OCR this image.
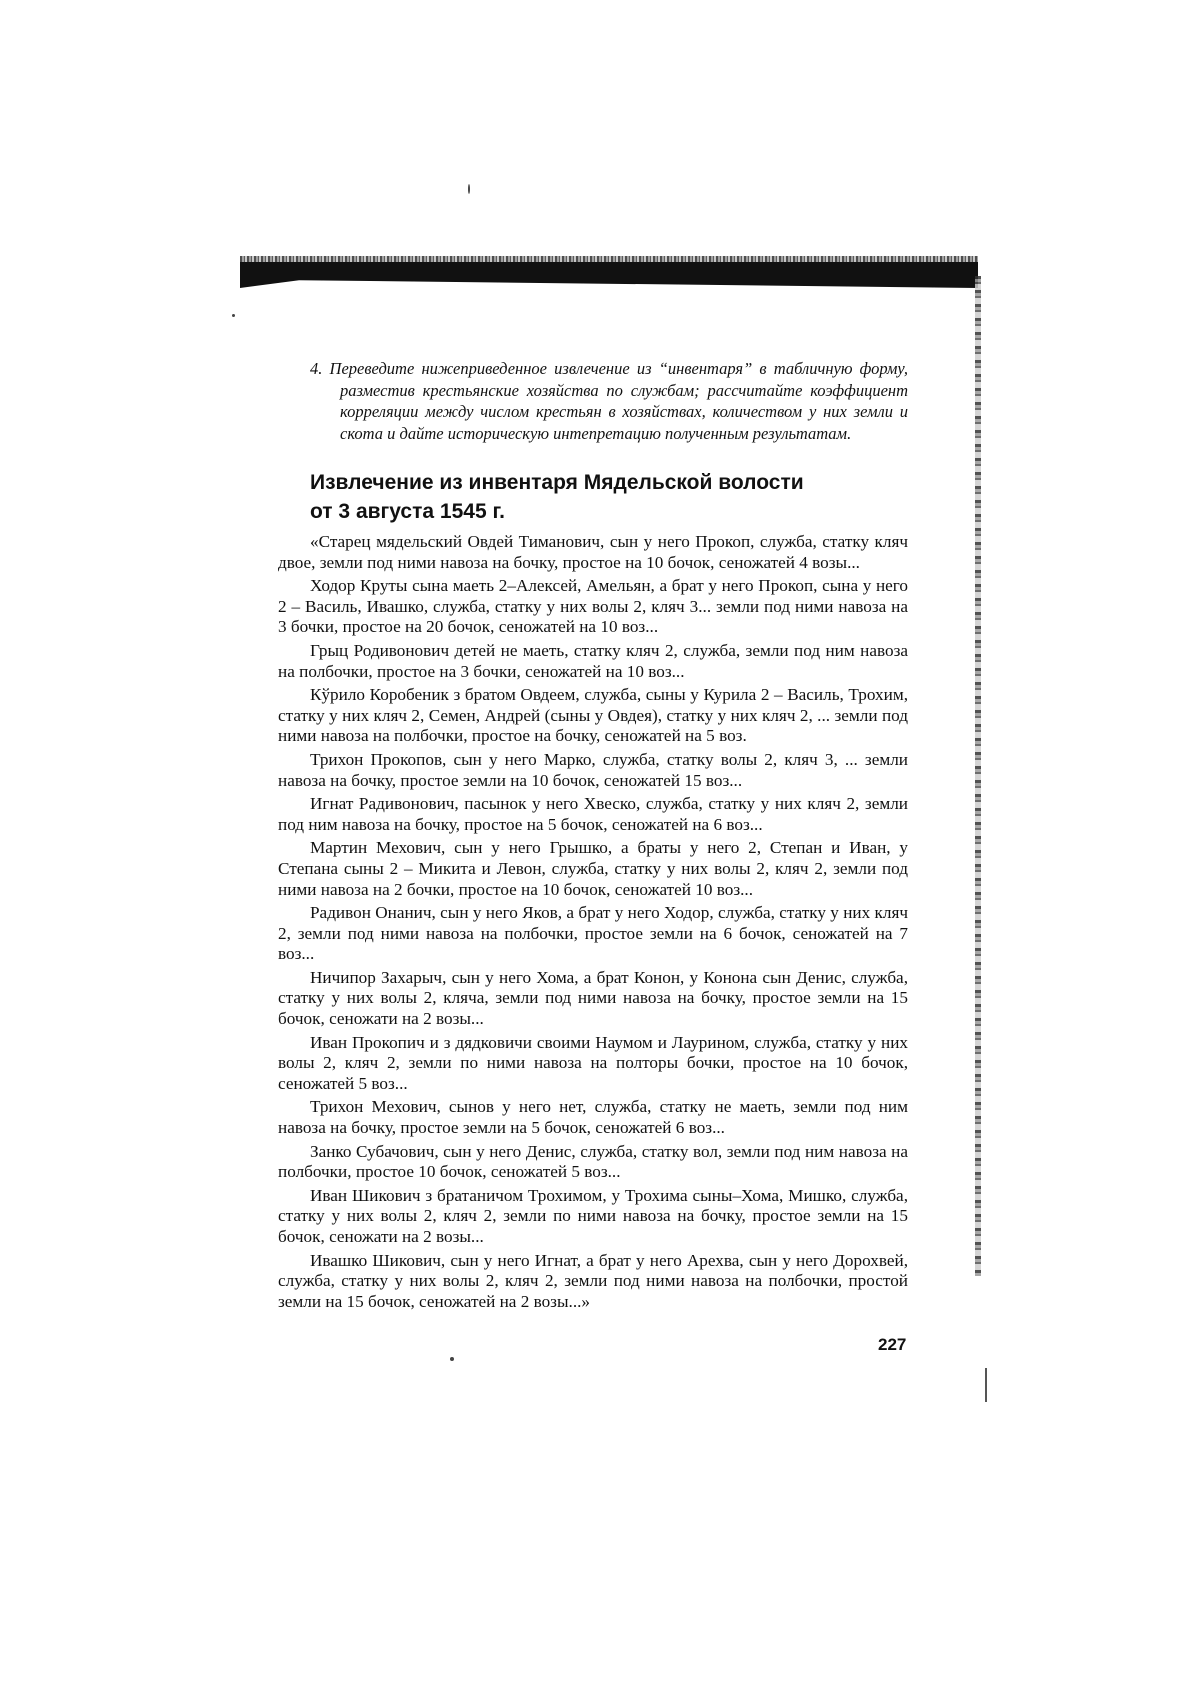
4. Переведите нижеприведенное извлечение из “инвентаря” в табличную форму, разместив крестьянские хозяйства по службам; рассчитайте коэффициент корреляции между числом крестьян в хозяйствах, количеством у них земли и скота и дайте историческую интепретацию полученным результатам.

Извлечение из инвентаря Мядельской волости
от 3 августа 1545 г.

«Старец мядельский Овдей Тиманович, сын у него Прокоп, служба, статку кляч двое, земли под ними навоза на бочку, простое на 10 бочок, сеножатей 4 возы...

Ходор Круты сына маеть 2–Алексей, Амельян, а брат у него Прокоп, сына у него 2 – Василь, Ивашко, служба, статку у них волы 2, кляч 3... земли под ними навоза на 3 бочки, простое на 20 бочок, сеножатей на 10 воз...

Грыц Родивонович детей не маеть, статку кляч 2, служба, земли под ним навоза на полбочки, простое на 3 бочки, сеножатей на 10 воз...

Кўрило Коробеник з братом Овдеем, служба, сыны у Курила 2 – Василь, Трохим, статку у них кляч 2, Семен, Андрей (сыны у Овдея), статку у них кляч 2, ... земли под ними навоза на полбочки, простое на бочку, сеножатей на 5 воз.

Трихон Прокопов, сын у него Марко, служба, статку волы 2, кляч 3, ... земли навоза на бочку, простое земли на 10 бочок, сеножатей 15 воз...

Игнат Радивонович, пасынок у него Хвеско, служба, статку у них кляч 2, земли под ним навоза на бочку, простое на 5 бочок, сеножатей на 6 воз...

Мартин Мехович, сын у него Грышко, а браты у него 2, Степан и Иван, у Степана сыны 2 – Микита и Левон, служба, статку у них волы 2, кляч 2, земли под ними навоза на 2 бочки, простое на 10 бочок, сеножатей 10 воз...

Радивон Онанич, сын у него Яков, а брат у него Ходор, служба, статку у них кляч 2, земли под ними навоза на полбочки, простое земли на 6 бочок, сеножатей на 7 воз...

Ничипор Захарыч, сын у него Хома, а брат Конон, у Конона сын Денис, служба, статку у них волы 2, кляча, земли под ними навоза на бочку, простое земли на 15 бочок, сеножати на 2 возы...

Иван Прокопич и з дядковичи своими Наумом и Лаурином, служба, статку у них волы 2, кляч 2, земли по ними навоза на полторы бочки, простое на 10 бочок, сеножатей 5 воз...

Трихон Мехович, сынов у него нет, служба, статку не маеть, земли под ним навоза на бочку, простое земли на 5 бочок, сеножатей 6 воз...

Занко Субачович, сын у него Денис, служба, статку вол, земли под ним навоза на полбочки, простое 10 бочок, сеножатей 5 воз...

Иван Шикович з братаничом Трохимом, у Трохима сыны–Хома, Мишко, служба, статку у них волы 2, кляч 2, земли по ними навоза на бочку, простое земли на 15 бочок, сеножати на 2 возы...

Ивашко Шикович, сын у него Игнат, а брат у него Арехва, сын у него Дорохвей, служба, статку у них волы 2, кляч 2, земли под ними навоза на полбочки, простой земли на 15 бочок, сеножатей на 2 возы...»

227
